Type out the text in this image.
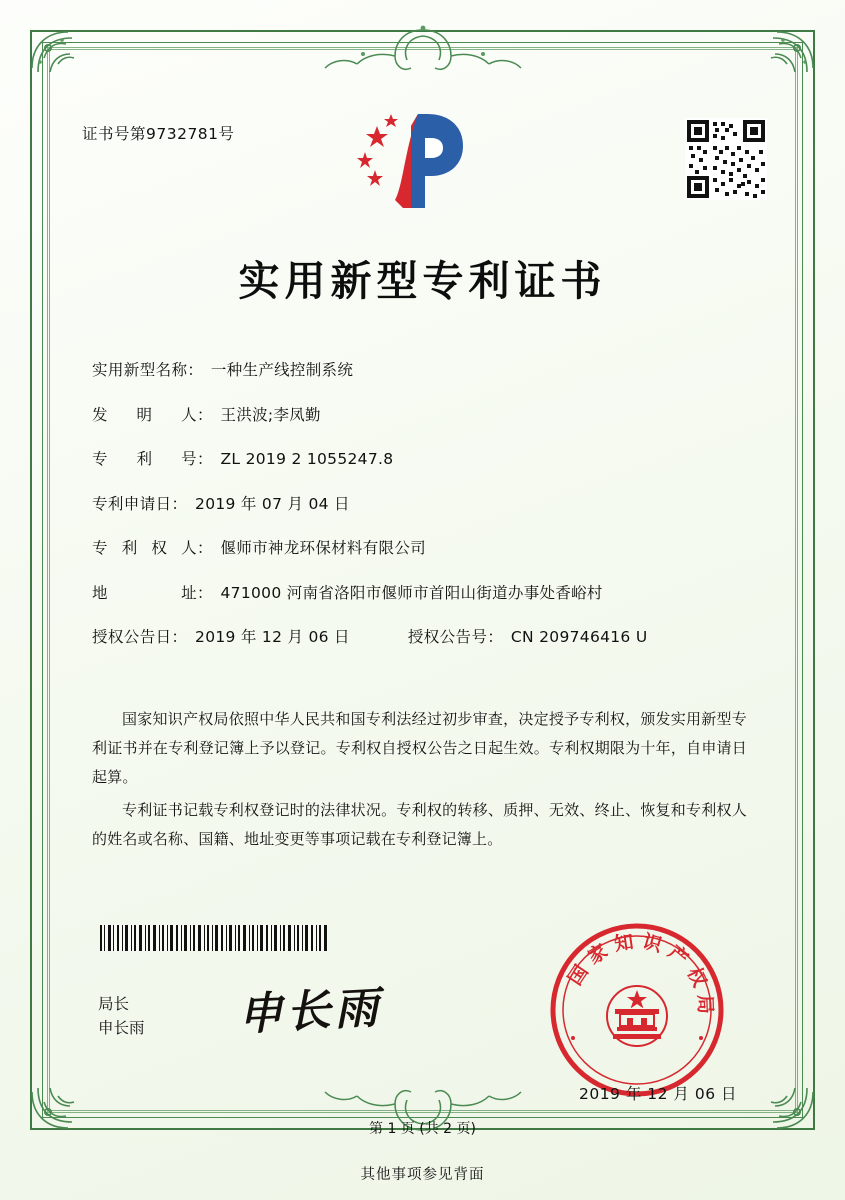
证书号第9732781号
实用新型专利证书
实用新型名称 ： 一种生产线控制系统
发明人 ： 王洪波;李凤勤
专利号 ： ZL 2019 2 1055247.8
专利申请日 ： 2019 年 07 月 04 日
专利权人 ： 偃师市神龙环保材料有限公司
地址 ： 471000 河南省洛阳市偃师市首阳山街道办事处香峪村
授权公告日 ： 2019 年 12 月 06 日	授权公告号 ： CN 209746416 U

国家知识产权局依照中华人民共和国专利法经过初步审查，决定授予专利权，颁发实用新型专利证书并在专利登记簿上予以登记。专利权自授权公告之日起生效。专利权期限为十年，自申请日起算。

专利证书记载专利权登记时的法律状况。专利权的转移、质押、无效、终止、恢复和专利权人的姓名或名称、国籍、地址变更等事项记载在专利登记簿上。

局长
申长雨 申长雨
国家知识产权局
2019 年 12 月 06 日
第 1 页 (共 2 页)
其他事项参见背面
